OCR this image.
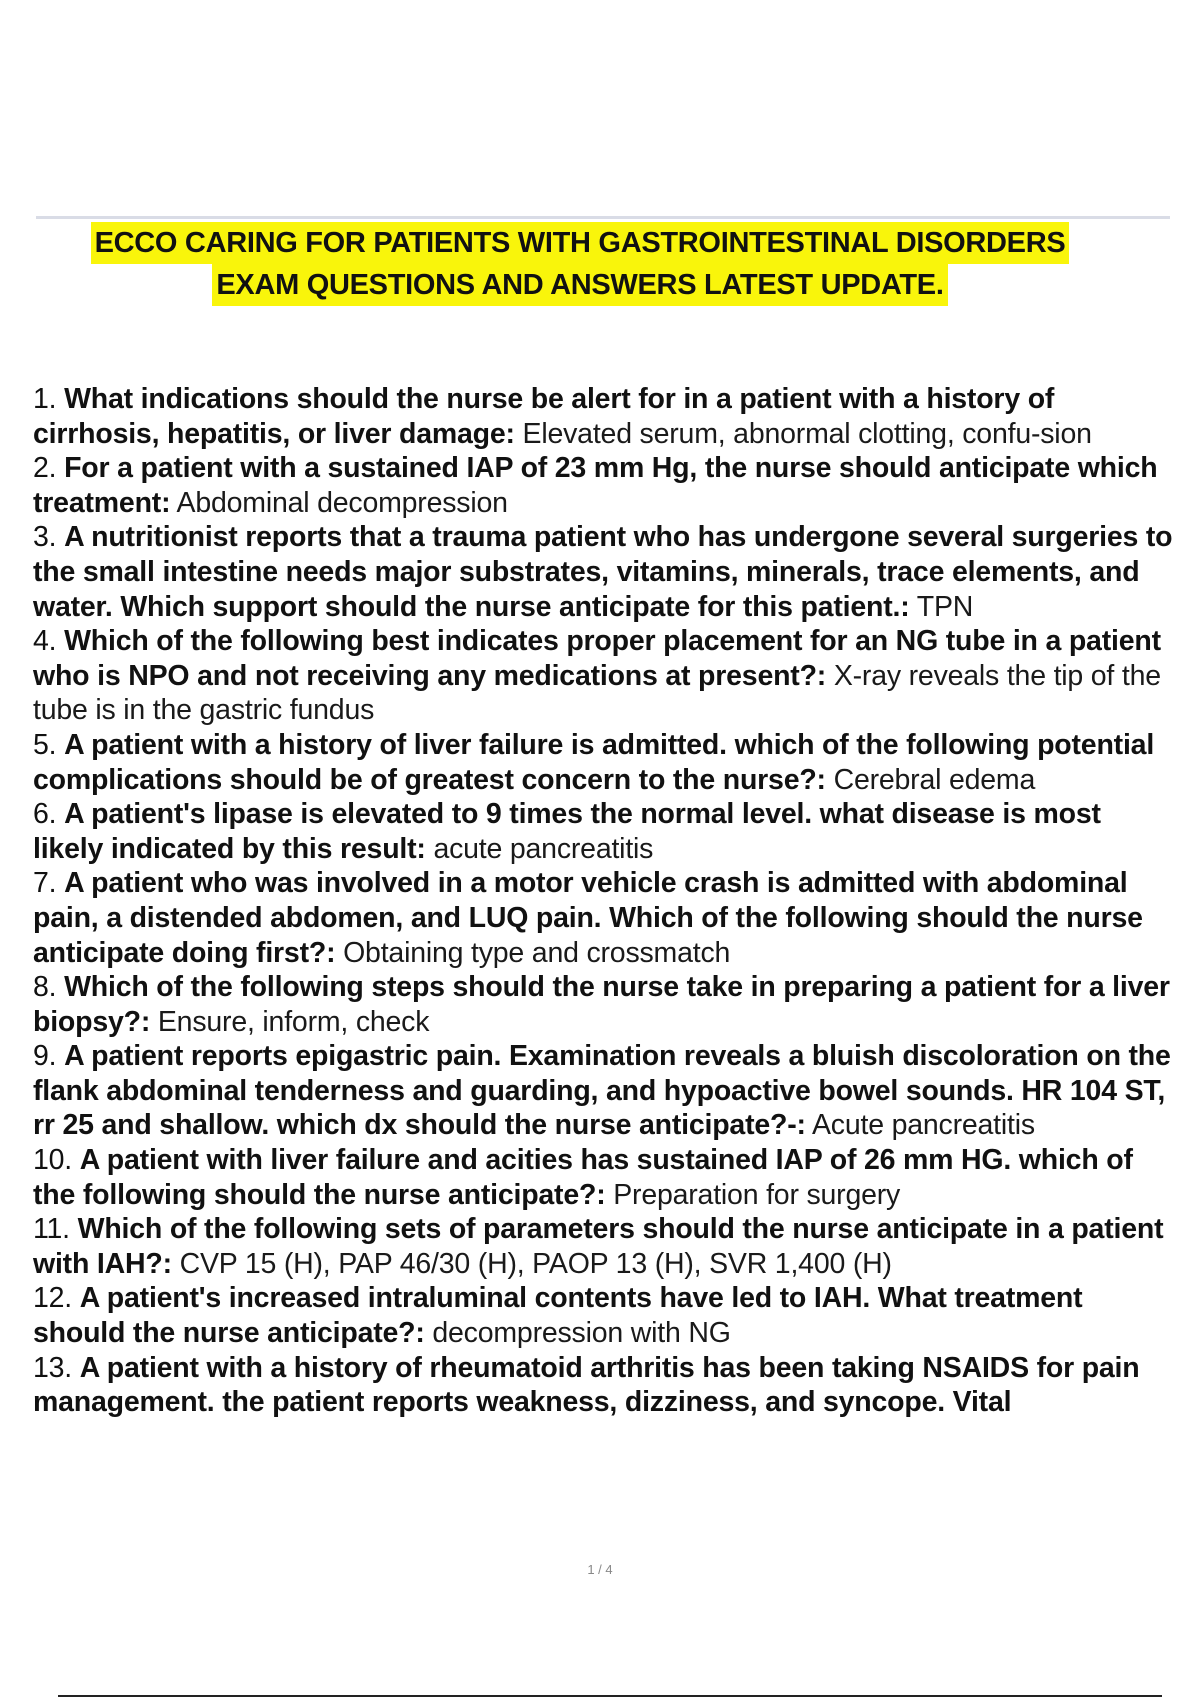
ECCO CARING FOR PATIENTS WITH GASTROINTESTINAL DISORDERS
EXAM QUESTIONS AND ANSWERS LATEST UPDATE.

1. What indications should the nurse be alert for in a patient with a history of cirrhosis, hepatitis, or liver damage: Elevated serum, abnormal clotting, confu-sion

2. For a patient with a sustained IAP of 23 mm Hg, the nurse should anticipate which treatment: Abdominal decompression

3. A nutritionist reports that a trauma patient who has undergone several surgeries to the small intestine needs major substrates, vitamins, minerals, trace elements, and water. Which support should the nurse anticipate for this patient.: TPN

4. Which of the following best indicates proper placement for an NG tube in a patient who is NPO and not receiving any medications at present?: X-ray reveals the tip of the tube is in the gastric fundus

5. A patient with a history of liver failure is admitted. which of the following potential complications should be of greatest concern to the nurse?: Cerebral edema

6. A patient's lipase is elevated to 9 times the normal level. what disease is most likely indicated by this result: acute pancreatitis

7. A patient who was involved in a motor vehicle crash is admitted with abdominal pain, a distended abdomen, and LUQ pain. Which of the following should the nurse anticipate doing first?: Obtaining type and crossmatch

8. Which of the following steps should the nurse take in preparing a patient for a liver biopsy?: Ensure, inform, check

9. A patient reports epigastric pain. Examination reveals a bluish discoloration on the flank abdominal tenderness and guarding, and hypoactive bowel sounds. HR 104 ST, rr 25 and shallow. which dx should the nurse anticipate?-: Acute pancreatitis

10. A patient with liver failure and acities has sustained IAP of 26 mm HG. which of the following should the nurse anticipate?: Preparation for surgery

11. Which of the following sets of parameters should the nurse anticipate in a patient with IAH?: CVP 15 (H), PAP 46/30 (H), PAOP 13 (H), SVR 1,400 (H)

12. A patient's increased intraluminal contents have led to IAH. What treatment should the nurse anticipate?: decompression with NG

13. A patient with a history of rheumatoid arthritis has been taking NSAIDS for pain management. the patient reports weakness, dizziness, and syncope. Vital

1 / 4
